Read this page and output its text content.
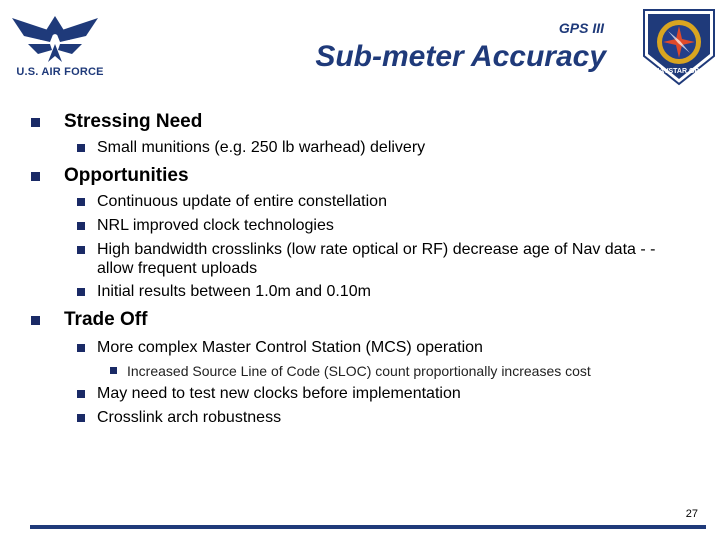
U.S. AIR FORCE
GPS III
Sub-meter Accuracy	NAVSTAR GPS
Stressing Need
Small munitions (e.g. 250 lb warhead) delivery
Opportunities
Continuous update of entire constellation
NRL improved clock technologies
High bandwidth crosslinks (low rate optical or RF) decrease age of Nav data - - allow frequent uploads
Initial results between 1.0m and 0.10m
Trade Off
More complex Master Control Station (MCS) operation
Increased Source Line of Code (SLOC) count proportionally increases cost
May need to test new clocks before implementation
Crosslink arch robustness
27
